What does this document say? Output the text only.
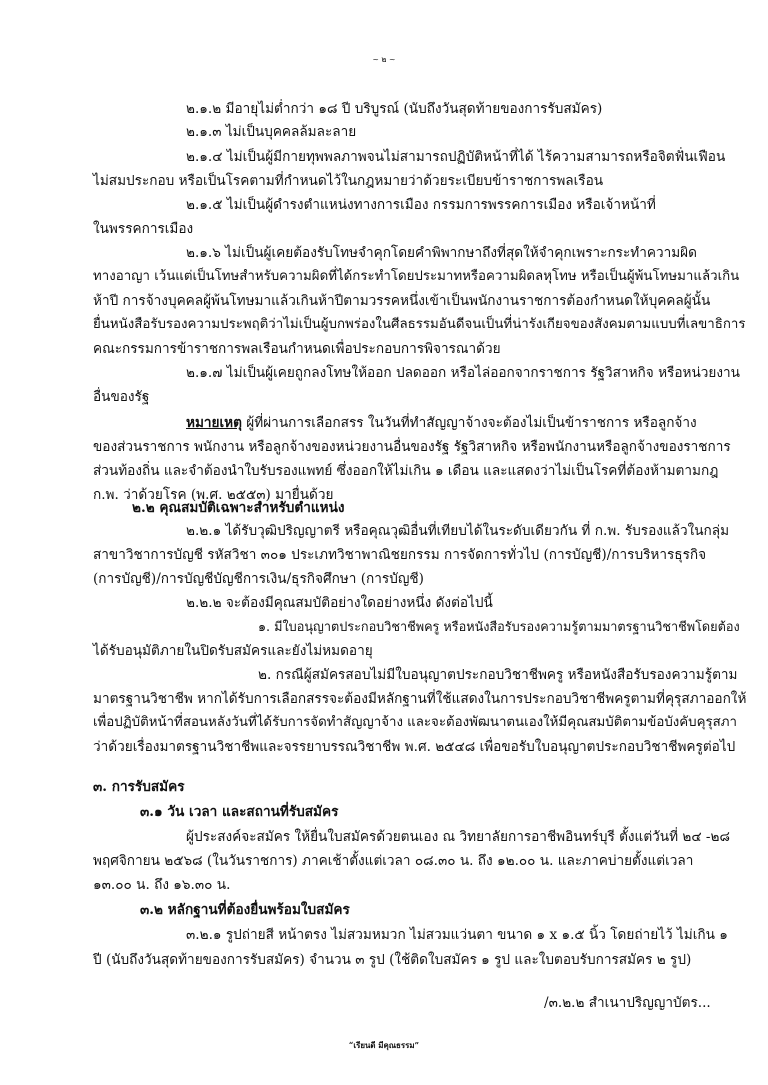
~ ๒ ~
๒.๑.๒ มีอายุไม่ต่ำกว่า ๑๘ ปี บริบูรณ์ (นับถึงวันสุดท้ายของการรับสมัคร)
๒.๑.๓ ไม่เป็นบุคคลล้มละลาย
๒.๑.๔ ไม่เป็นผู้มีกายทุพพลภาพจนไม่สามารถปฏิบัติหน้าที่ได้ ไร้ความสามารถหรือจิตฟั่นเฟือน
ไม่สมประกอบ หรือเป็นโรคตามที่กำหนดไว้ในกฎหมายว่าด้วยระเบียบข้าราชการพลเรือน
๒.๑.๕ ไม่เป็นผู้ดำรงตำแหน่งทางการเมือง กรรมการพรรคการเมือง หรือเจ้าหน้าที่
ในพรรคการเมือง
๒.๑.๖ ไม่เป็นผู้เคยต้องรับโทษจำคุกโดยคำพิพากษาถึงที่สุดให้จำคุกเพราะกระทำความผิด
ทางอาญา เว้นแต่เป็นโทษสำหรับความผิดที่ได้กระทำโดยประมาทหรือความผิดลหุโทษ หรือเป็นผู้พ้นโทษมาแล้วเกิน
ห้าปี การจ้างบุคคลผู้พ้นโทษมาแล้วเกินห้าปีตามวรรคหนึ่งเข้าเป็นพนักงานราชการต้องกำหนดให้บุคคลผู้นั้น
ยื่นหนังสือรับรองความประพฤติว่าไม่เป็นผู้บกพร่องในศีลธรรมอันดีจนเป็นที่น่ารังเกียจของสังคมตามแบบที่เลขาธิการ
คณะกรรมการข้าราชการพลเรือนกำหนดเพื่อประกอบการพิจารณาด้วย
๒.๑.๗ ไม่เป็นผู้เคยถูกลงโทษให้ออก ปลดออก หรือไล่ออกจากราชการ รัฐวิสาหกิจ หรือหน่วยงาน
อื่นของรัฐ
หมายเหตุ ผู้ที่ผ่านการเลือกสรร ในวันที่ทำสัญญาจ้างจะต้องไม่เป็นข้าราชการ หรือลูกจ้าง
ของส่วนราชการ พนักงาน หรือลูกจ้างของหน่วยงานอื่นของรัฐ รัฐวิสาหกิจ หรือพนักงานหรือลูกจ้างของราชการ
ส่วนท้องถิ่น และจำต้องนำใบรับรองแพทย์ ซึ่งออกให้ไม่เกิน ๑ เดือน และแสดงว่าไม่เป็นโรคที่ต้องห้ามตามกฎ
ก.พ. ว่าด้วยโรค (พ.ศ. ๒๕๕๓) มายื่นด้วย
๒.๒ คุณสมบัติเฉพาะสำหรับตำแหน่ง
๒.๒.๑ ได้รับวุฒิปริญญาตรี หรือคุณวุฒิอื่นที่เทียบได้ในระดับเดียวกัน ที่ ก.พ. รับรองแล้วในกลุ่ม
สาขาวิชาการบัญชี รหัสวิชา ๓๐๑ ประเภทวิชาพาณิชยกรรม การจัดการทั่วไป (การบัญชี)/การบริหารธุรกิจ
(การบัญชี)/การบัญชีบัญชีการเงิน/ธุรกิจศึกษา (การบัญชี)
๒.๒.๒ จะต้องมีคุณสมบัติอย่างใดอย่างหนึ่ง ดังต่อไปนี้
๑. มีใบอนุญาตประกอบวิชาชีพครู หรือหนังสือรับรองความรู้ตามมาตรฐานวิชาชีพโดยต้อง
ได้รับอนุมัติภายในปิดรับสมัครและยังไม่หมดอายุ
๒. กรณีผู้สมัครสอบไม่มีใบอนุญาตประกอบวิชาชีพครู หรือหนังสือรับรองความรู้ตาม
มาตรฐานวิชาชีพ หากได้รับการเลือกสรรจะต้องมีหลักฐานที่ใช้แสดงในการประกอบวิชาชีพครูตามที่คุรุสภาออกให้
เพื่อปฏิบัติหน้าที่สอนหลังวันที่ได้รับการจัดทำสัญญาจ้าง และจะต้องพัฒนาตนเองให้มีคุณสมบัติตามข้อบังคับคุรุสภา
ว่าด้วยเรื่องมาตรฐานวิชาชีพและจรรยาบรรณวิชาชีพ พ.ศ. ๒๕๔๘ เพื่อขอรับใบอนุญาตประกอบวิชาชีพครูต่อไป
๓. การรับสมัคร
๓.๑ วัน เวลา และสถานที่รับสมัคร
ผู้ประสงค์จะสมัคร ให้ยื่นใบสมัครด้วยตนเอง ณ วิทยาลัยการอาชีพอินทร์บุรี ตั้งแต่วันที่ ๒๔ -๒๘
พฤศจิกายน ๒๕๖๘ (ในวันราชการ) ภาคเช้าตั้งแต่เวลา ๐๘.๓๐ น. ถึง ๑๒.๐๐ น. และภาคบ่ายตั้งแต่เวลา
๑๓.๐๐ น. ถึง ๑๖.๓๐ น.
๓.๒ หลักฐานที่ต้องยื่นพร้อมใบสมัคร
๓.๒.๑ รูปถ่ายสี หน้าตรง ไม่สวมหมวก ไม่สวมแว่นตา ขนาด ๑ x ๑.๕ นิ้ว โดยถ่ายไว้ ไม่เกิน ๑
ปี (นับถึงวันสุดท้ายของการรับสมัคร) จำนวน ๓ รูป (ใช้ติดใบสมัคร ๑ รูป และใบตอบรับการสมัคร ๒ รูป)
/๓.๒.๒ สำเนาปริญญาบัตร...
“เรียนดี มีคุณธรรม”
